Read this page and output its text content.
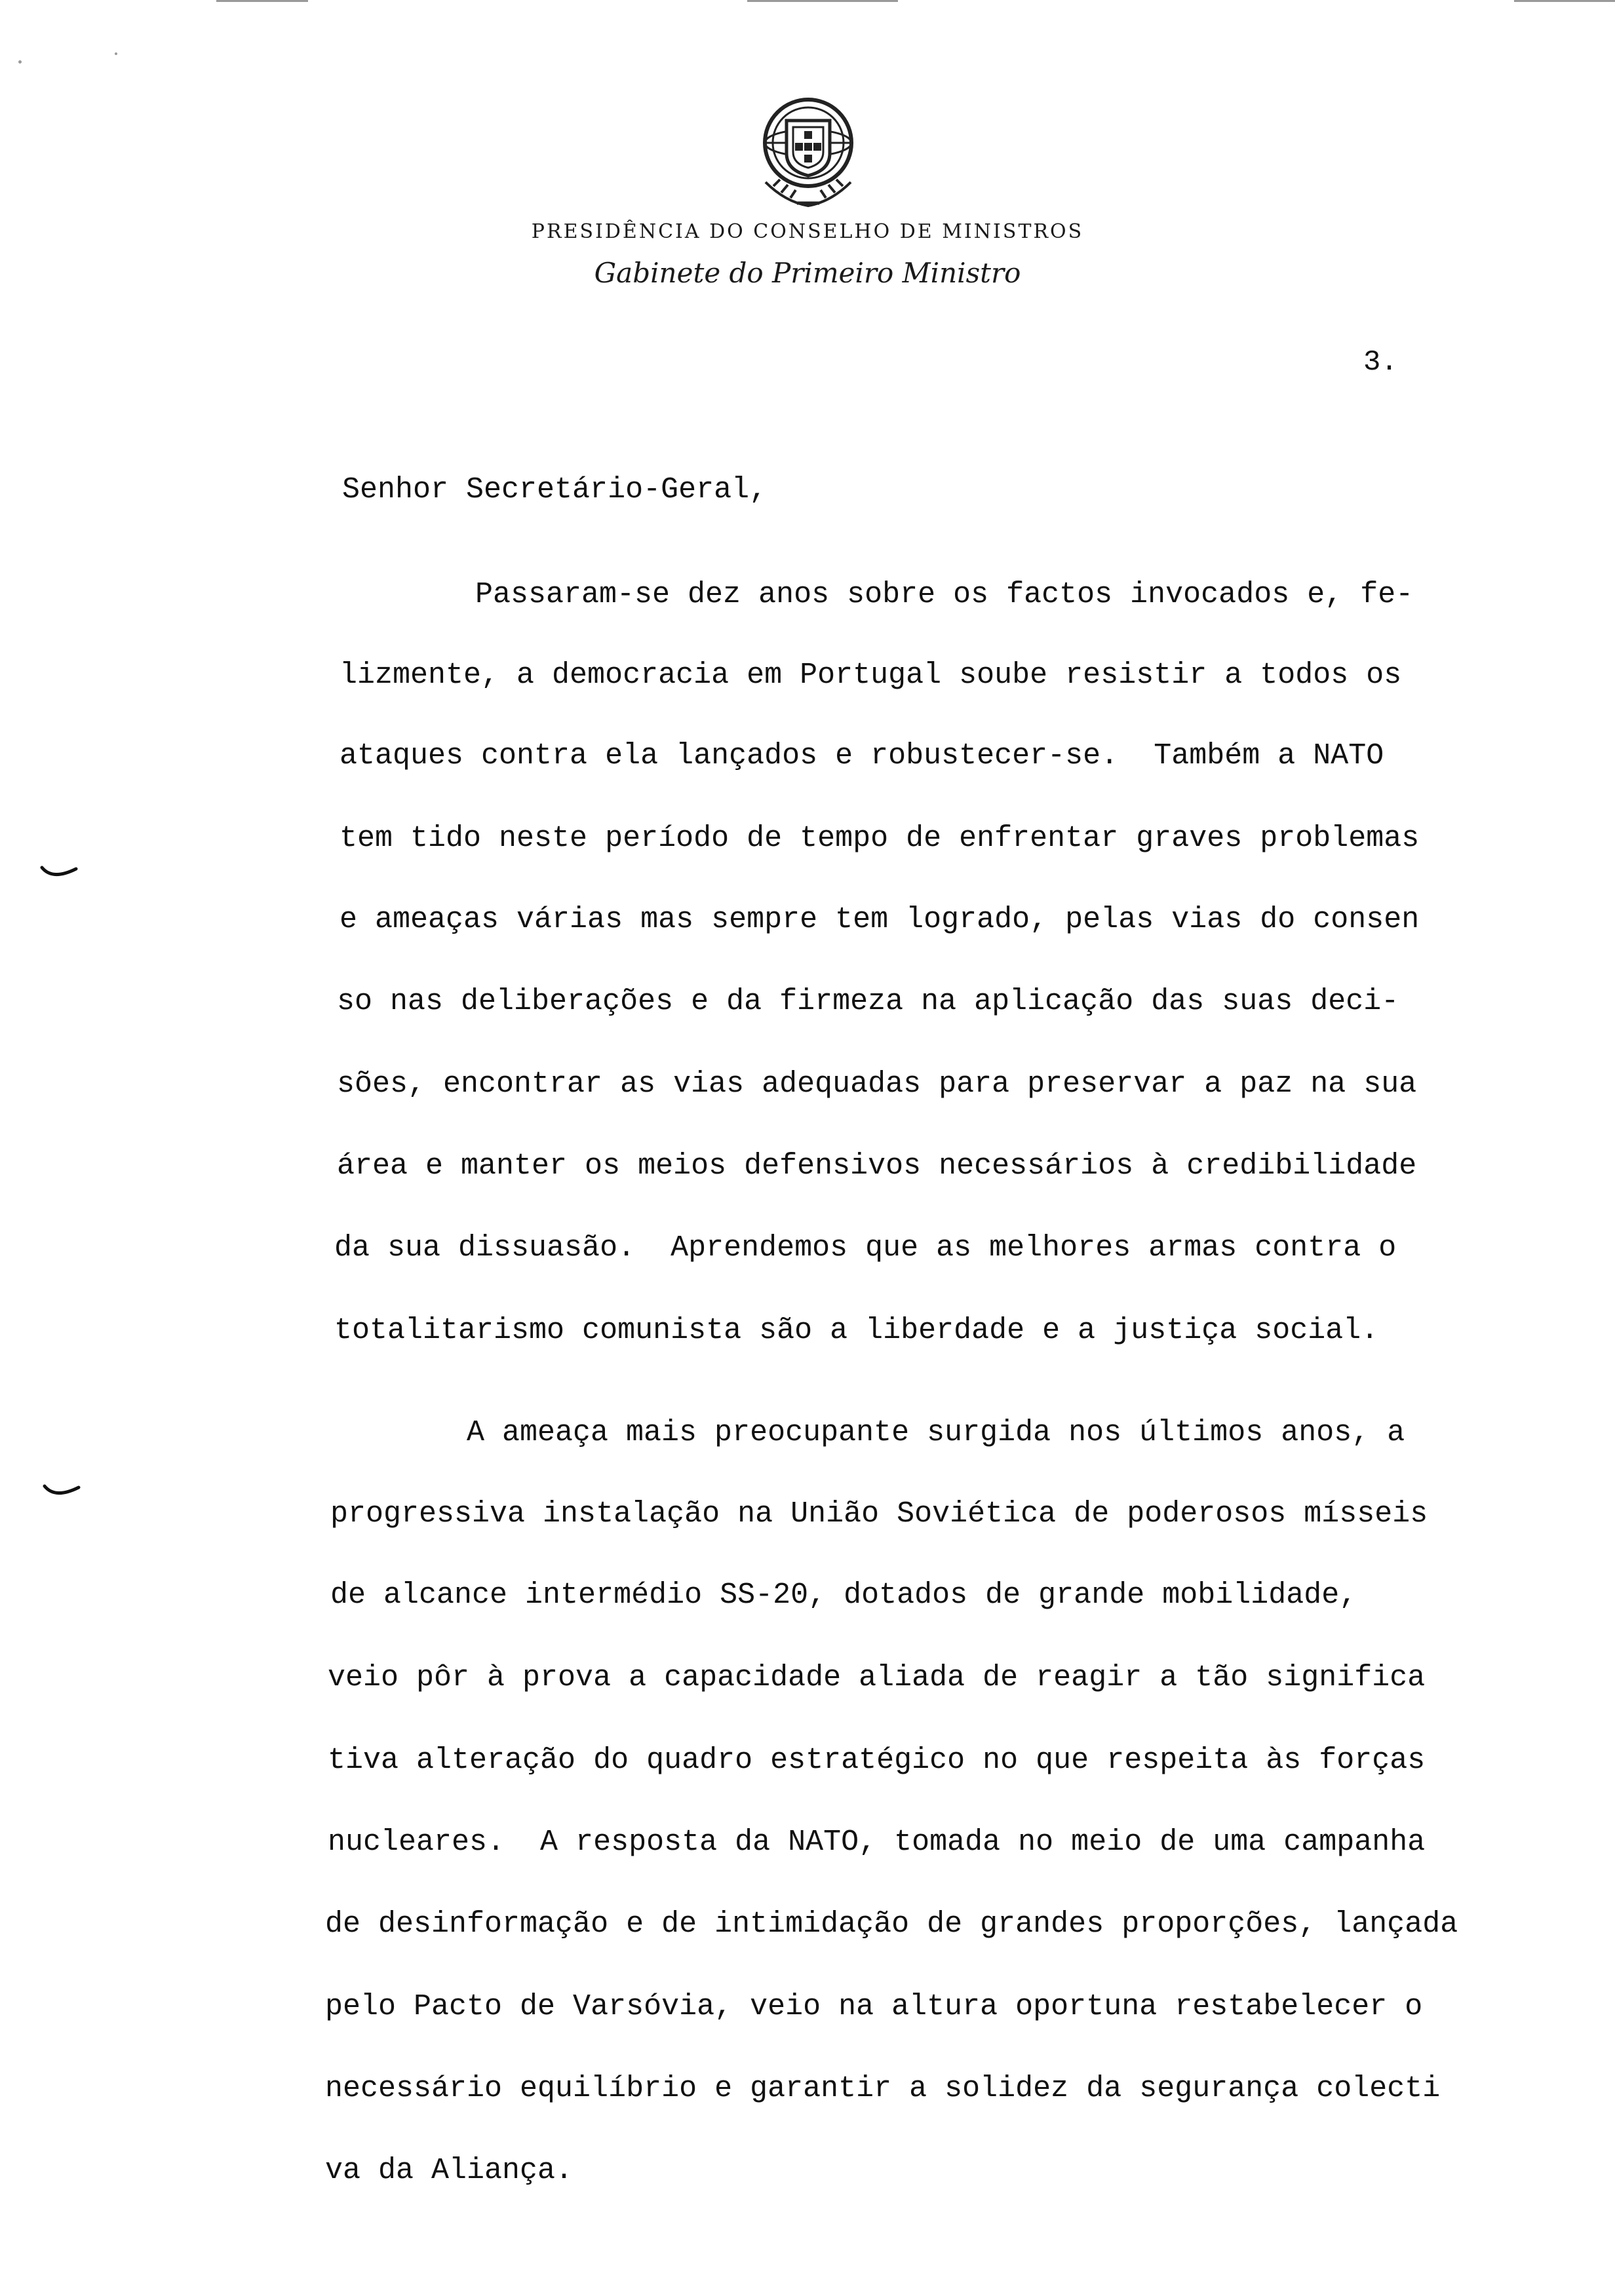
PRESIDÊNCIA DO CONSELHO DE MINISTROS
Gabinete do Primeiro Ministro
3.
Senhor Secretário-Geral,
Passaram-se dez anos sobre os factos invocados e, fe-
lizmente, a democracia em Portugal soube resistir a todos os
ataques contra ela lançados e robustecer-se.  Também a NATO
tem tido neste período de tempo de enfrentar graves problemas
e ameaças várias mas sempre tem logrado, pelas vias do consen
so nas deliberações e da firmeza na aplicação das suas deci-
sões, encontrar as vias adequadas para preservar a paz na sua
área e manter os meios defensivos necessários à credibilidade
da sua dissuasão.  Aprendemos que as melhores armas contra o
totalitarismo comunista são a liberdade e a justiça social.
A ameaça mais preocupante surgida nos últimos anos, a
progressiva instalação na União Soviética de poderosos mísseis
de alcance intermédio SS-20, dotados de grande mobilidade,
veio pôr à prova a capacidade aliada de reagir a tão significa
tiva alteração do quadro estratégico no que respeita às forças
nucleares.  A resposta da NATO, tomada no meio de uma campanha
de desinformação e de intimidação de grandes proporções, lançada
pelo Pacto de Varsóvia, veio na altura oportuna restabelecer o
necessário equilíbrio e garantir a solidez da segurança colecti
va da Aliança.
